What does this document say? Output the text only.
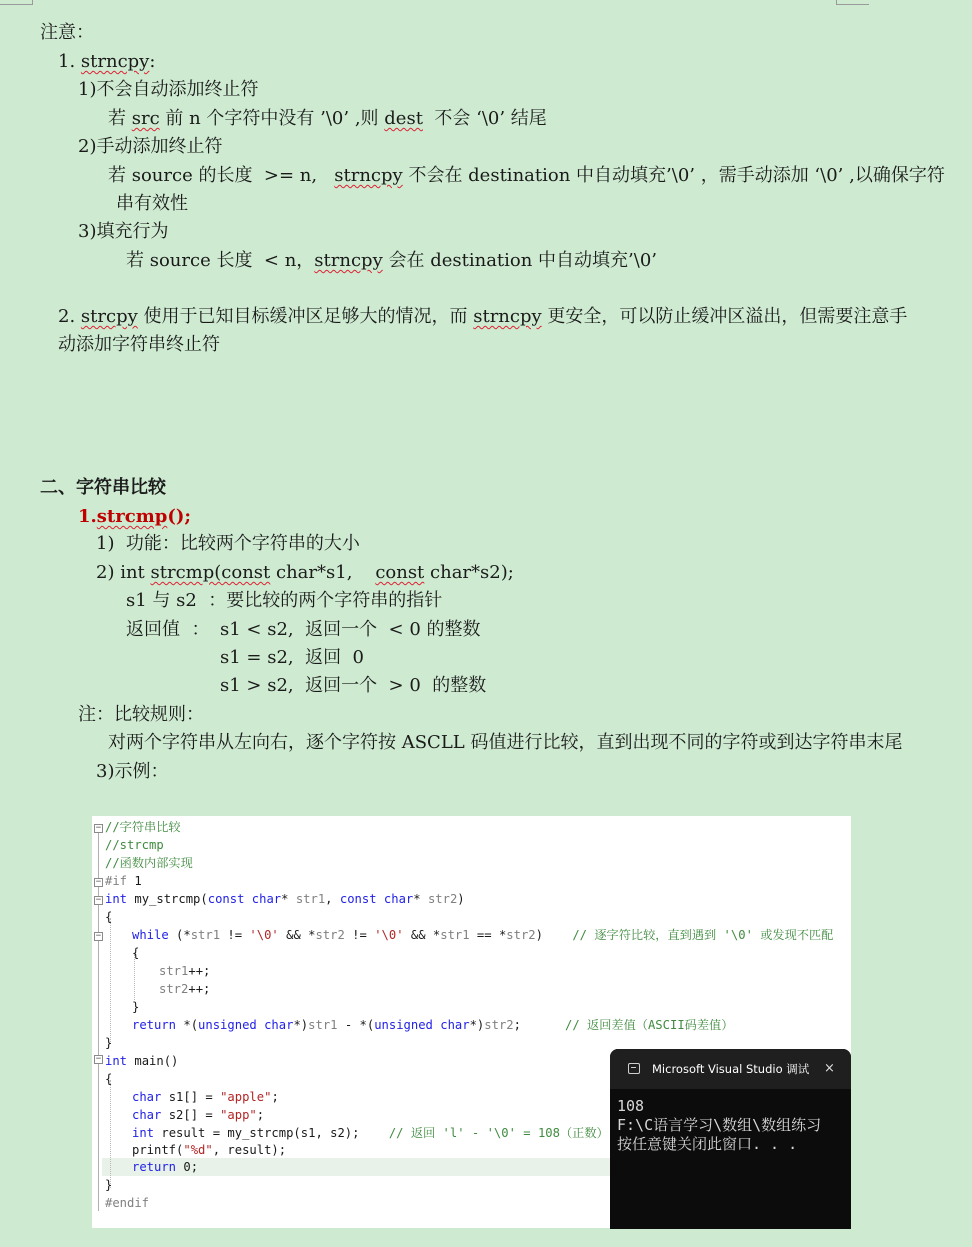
注意：
1. strncpy:
1)不会自动添加终止符
若 src 前 n 个字符中没有 ’\0’ ,则 dest  不会 ‘\0’ 结尾
2)手动添加终止符
若 source 的长度  >= n,   strncpy 不会在 destination 中自动填充’\0’ ，需手动添加 ‘\0’ ,以确保字符
串有效性
3)填充行为
若 source 长度  < n，strncpy 会在 destination 中自动填充’\0’
2. strcpy 使用于已知目标缓冲区足够大的情况，而 strncpy 更安全，可以防止缓冲区溢出，但需要注意手
动添加字符串终止符
二、字符串比较
1.strcmp();
1)  功能：比较两个字符串的大小
2) int strcmp(const char*s1,    const char*s2);
s1 与 s2  ：要比较的两个字符串的指针
返回值  ： s1 < s2,  返回一个  < 0 的整数
s1 = s2,  返回  0
s1 > s2,  返回一个  > 0  的整数
注：比较规则：
对两个字符串从左向右，逐个字符按 ASCLL 码值进行比较，直到出现不同的字符或到达字符串末尾
3)示例：
−
−
−
−
−
//字符串比较
//strcmp
//函数内部实现
#if 1
int my_strcmp(const char* str1, const char* str2)
{
while (*str1 != '\0' && *str2 != '\0' && *str1 == *str2)    // 逐字符比较，直到遇到 '\0' 或发现不匹配
{
str1++;
str2++;
}
return *(unsigned char*)str1 - *(unsigned char*)str2;      // 返回差值（ASCII码差值）
}
int main()
{
char s1[] = "apple";
char s2[] = "app";
int result = my_strcmp(s1, s2);    // 返回 'l' - '\0' = 108（正数）
printf("%d", result);
return 0;
}
#endif
Microsoft Visual Studio 调试 ×
108
F:\C语言学习\数组\数组练习
按任意键关闭此窗口. . .
